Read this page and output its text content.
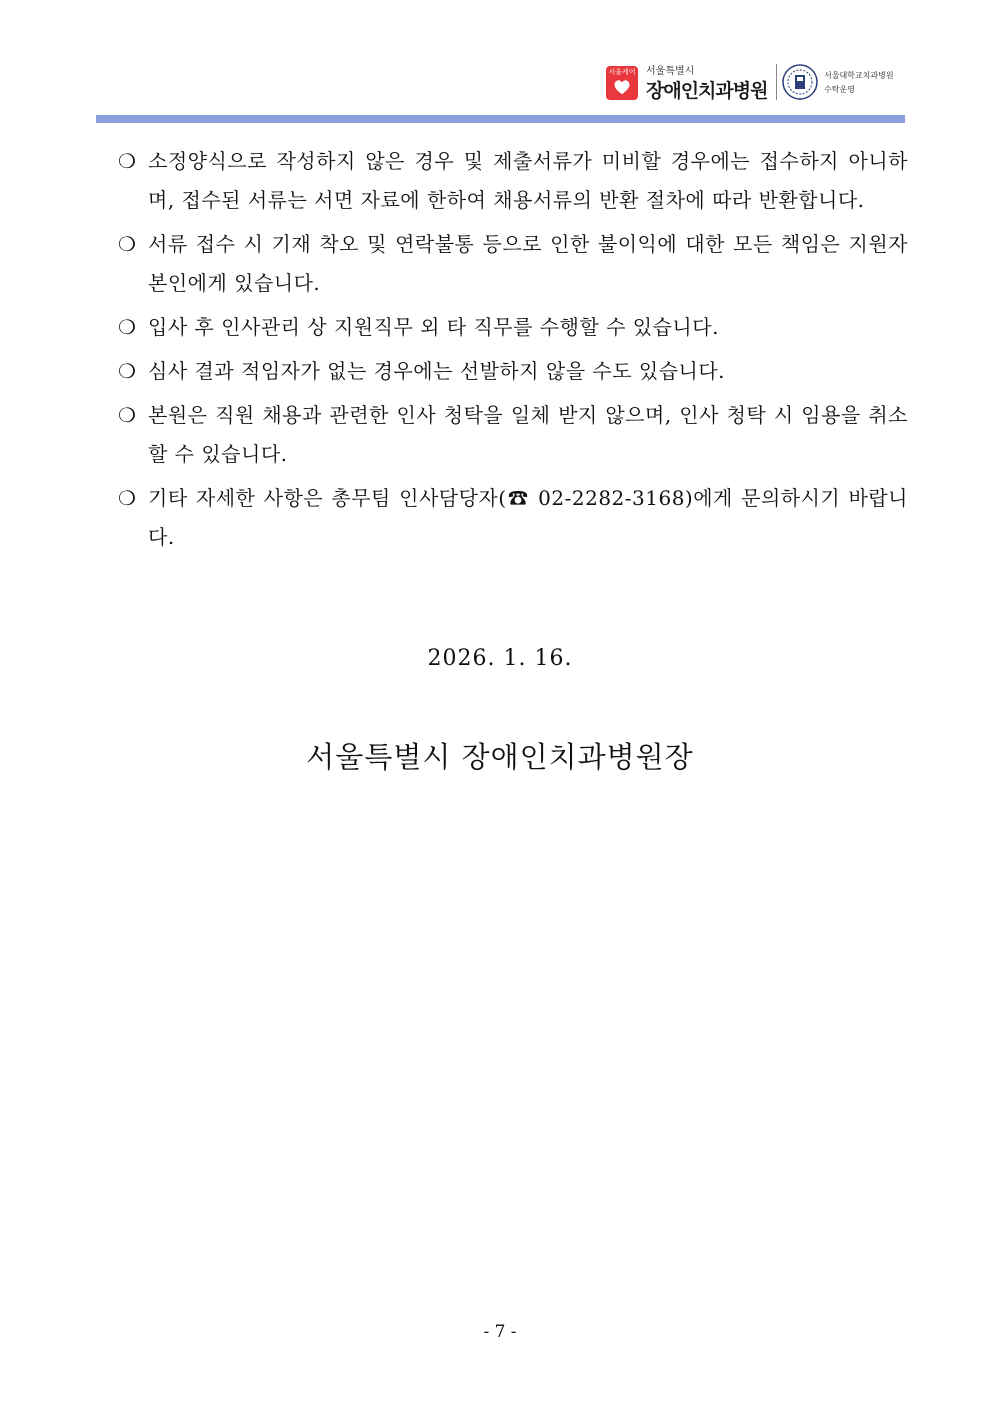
서울케어 서울특별시
장애인치과병원
서울대학교치과병원
수탁운영
❍ 소정양식으로 작성하지 않은 경우 및 제출서류가 미비할 경우에는 접수하지 아니하며, 접수된 서류는 서면 자료에 한하여 채용서류의 반환 절차에 따라 반환합니다.
❍ 서류 접수 시 기재 착오 및 연락불통 등으로 인한 불이익에 대한 모든 책임은 지원자 본인에게 있습니다.
❍ 입사 후 인사관리 상 지원직무 외 타 직무를 수행할 수 있습니다.
❍ 심사 결과 적임자가 없는 경우에는 선발하지 않을 수도 있습니다.
❍ 본원은 직원 채용과 관련한 인사 청탁을 일체 받지 않으며, 인사 청탁 시 임용을 취소할 수 있습니다.
❍ 기타 자세한 사항은 총무팀 인사담당자(☎ 02-2282-3168)에게 문의하시기 바랍니다.
2026. 1. 16.
서울특별시 장애인치과병원장
- 7 -
